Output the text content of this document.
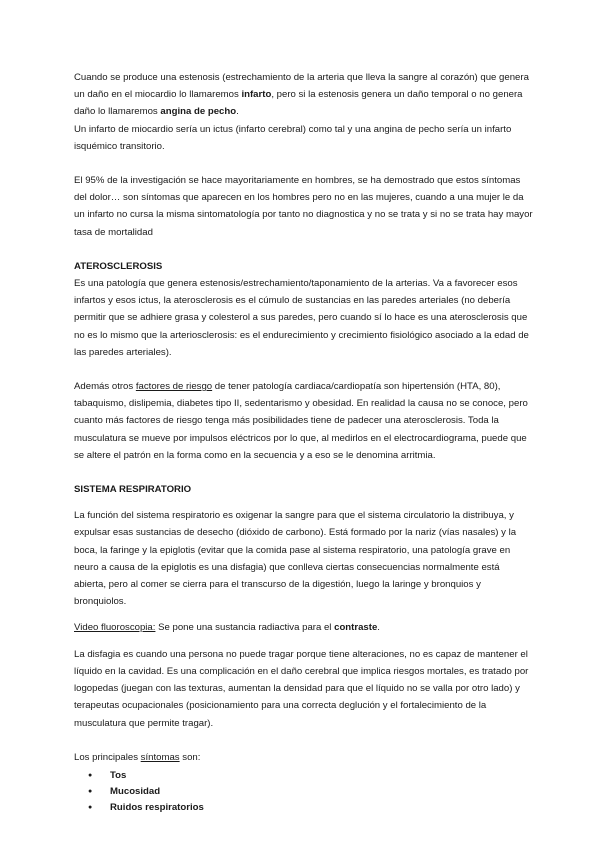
Cuando se produce una estenosis (estrechamiento de la arteria que lleva la sangre al corazón) que genera un daño en el miocardio lo llamaremos infarto, pero si la estenosis genera un daño temporal o no genera daño lo llamaremos angina de pecho.

Un infarto de miocardio sería un ictus (infarto cerebral) como tal y una angina de pecho sería un infarto isquémico transitorio.

El 95% de la investigación se hace mayoritariamente en hombres, se ha demostrado que estos síntomas del dolor… son síntomas que aparecen en los hombres pero no en las mujeres, cuando a una mujer le da un infarto no cursa la misma sintomatología por tanto no diagnostica y no se trata y si no se trata hay mayor tasa de mortalidad

ATEROSCLEROSIS

Es una patología que genera estenosis/estrechamiento/taponamiento de la arterias. Va a favorecer esos infartos y esos ictus, la aterosclerosis es el cúmulo de sustancias en las paredes arteriales (no debería permitir que se adhiere grasa y colesterol a sus paredes, pero cuando sí lo hace es una aterosclerosis que no es lo mismo que la arteriosclerosis: es el endurecimiento y crecimiento fisiológico asociado a la edad de las paredes arteriales).

Además otros factores de riesgo de tener patología cardiaca/cardiopatía son hipertensión (HTA, 80), tabaquismo, dislipemia, diabetes tipo II, sedentarismo y obesidad. En realidad la causa no se conoce, pero cuanto más factores de riesgo tenga más posibilidades tiene de padecer una aterosclerosis. Toda la musculatura se mueve por impulsos eléctricos por lo que, al medirlos en el electrocardiograma, puede que se altere el patrón en la forma como en la secuencia y a eso se le denomina arritmia.

SISTEMA RESPIRATORIO

La función del sistema respiratorio es oxigenar la sangre para que el sistema circulatorio la distribuya, y expulsar esas sustancias de desecho (dióxido de carbono). Está formado por la nariz (vías nasales) y la boca, la faringe y la epiglotis (evitar que la comida pase al sistema respiratorio, una patología grave en neuro a causa de la epiglotis es una disfagia) que conlleva ciertas consecuencias normalmente está abierta, pero al comer se cierra para el transcurso de la digestión, luego la laringe y bronquios y bronquiolos.

Video fluoroscopia: Se pone una sustancia radiactiva para el contraste.

La disfagia es cuando una persona no puede tragar porque tiene alteraciones, no es capaz de mantener el líquido en la cavidad. Es una complicación en el daño cerebral que implica riesgos mortales, es tratado por logopedas (juegan con las texturas, aumentan la densidad para que el líquido no se valla por otro lado) y terapeutas ocupacionales (posicionamiento para una correcta deglución y el fortalecimiento de la musculatura que permite tragar).

Los principales síntomas son:

● Tos
● Mucosidad
● Ruidos respiratorios
